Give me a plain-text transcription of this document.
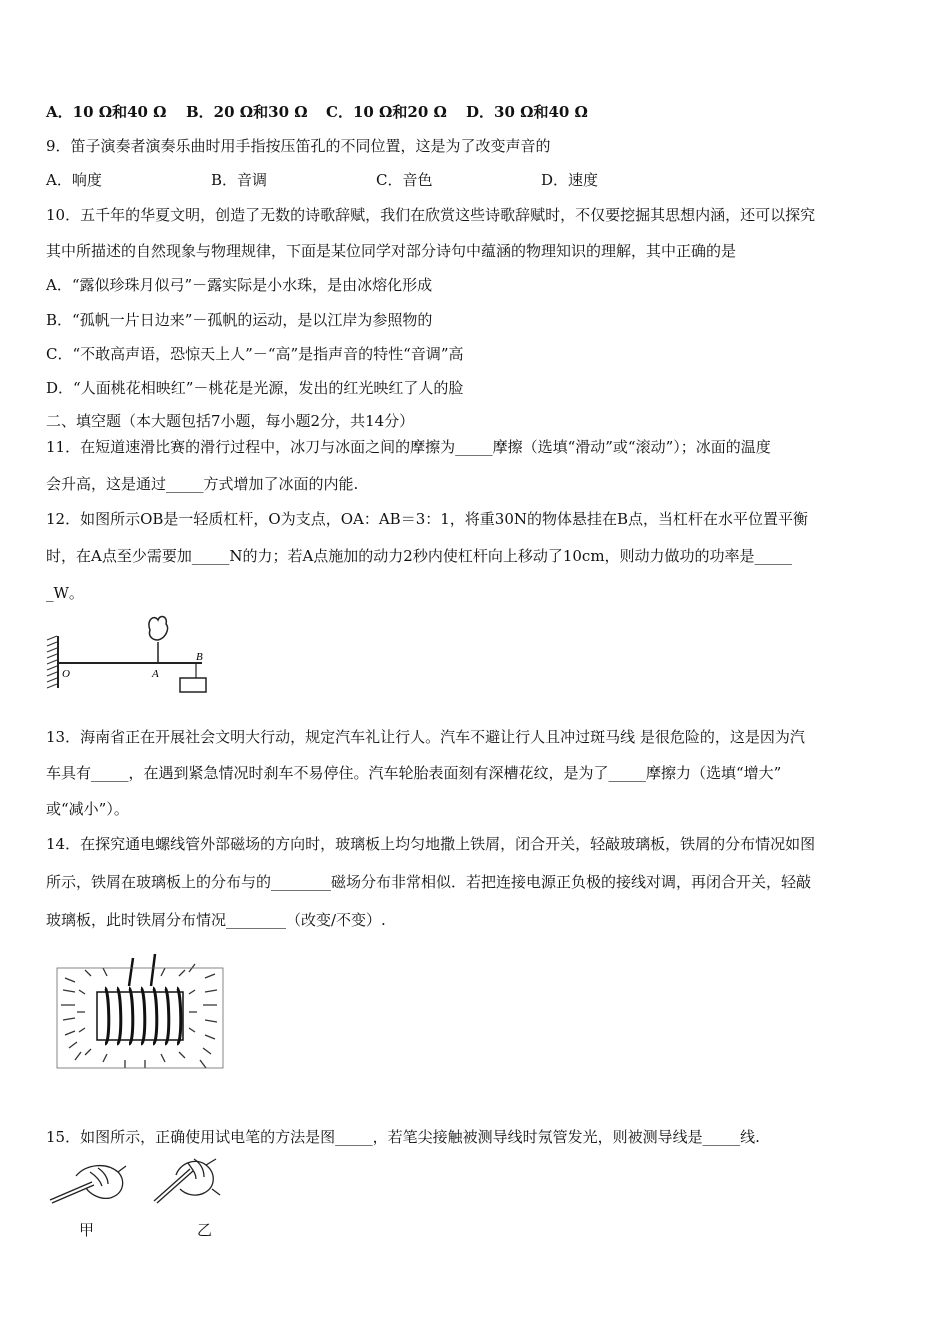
A．10 Ω和40 Ω B．20 Ω和30 Ω C．10 Ω和20 Ω D．30 Ω和40 Ω
9．笛子演奏者演奏乐曲时用手指按压笛孔的不同位置，这是为了改变声音的
A．响度	B．音调	C．音色	D．速度
10．五千年的华夏文明，创造了无数的诗歌辞赋，我们在欣赏这些诗歌辞赋时，不仅要挖掘其思想内涵，还可以探究
其中所描述的自然现象与物理规律，下面是某位同学对部分诗句中蕴涵的物理知识的理解，其中正确的是
A．“露似珍珠月似弓”－露实际是小水珠，是由冰熔化形成
B．“孤帆一片日边来”－孤帆的运动，是以江岸为参照物的
C．“不敢高声语，恐惊天上人”－“高”是指声音的特性“音调”高
D．“人面桃花相映红”－桃花是光源，发出的红光映红了人的脸
二、填空题（本大题包括7小题，每小题2分，共14分）
11．在短道速滑比赛的滑行过程中，冰刀与冰面之间的摩擦为_____摩擦（选填“滑动”或“滚动”）；冰面的温度
会升高，这是通过_____方式增加了冰面的内能.
12．如图所示OB是一轻质杠杆，O为支点，OA：AB＝3：1，将重30N的物体悬挂在B点，当杠杆在水平位置平衡
时，在A点至少需要加_____N的力；若A点施加的动力2秒内使杠杆向上移动了10cm，则动力做功的功率是_____
_W。
O	A
B
13．海南省正在开展社会文明大行动，规定汽车礼让行人。汽车不避让行人且冲过斑马线 是很危险的，这是因为汽
车具有_____，在遇到紧急情况时刹车不易停住。汽车轮胎表面刻有深槽花纹，是为了_____摩擦力（选填“增大”
或“减小”）。
14．在探究通电螺线管外部磁场的方向时，玻璃板上均匀地撒上铁屑，闭合开关，轻敲玻璃板，铁屑的分布情况如图
所示，铁屑在玻璃板上的分布与的________磁场分布非常相似．若把连接电源正负极的接线对调，再闭合开关，轻敲
玻璃板，此时铁屑分布情况________（改变/不变）.
15．如图所示，正确使用试电笔的方法是图_____，若笔尖接触被测导线时氖管发光，则被测导线是_____线.
甲	乙
